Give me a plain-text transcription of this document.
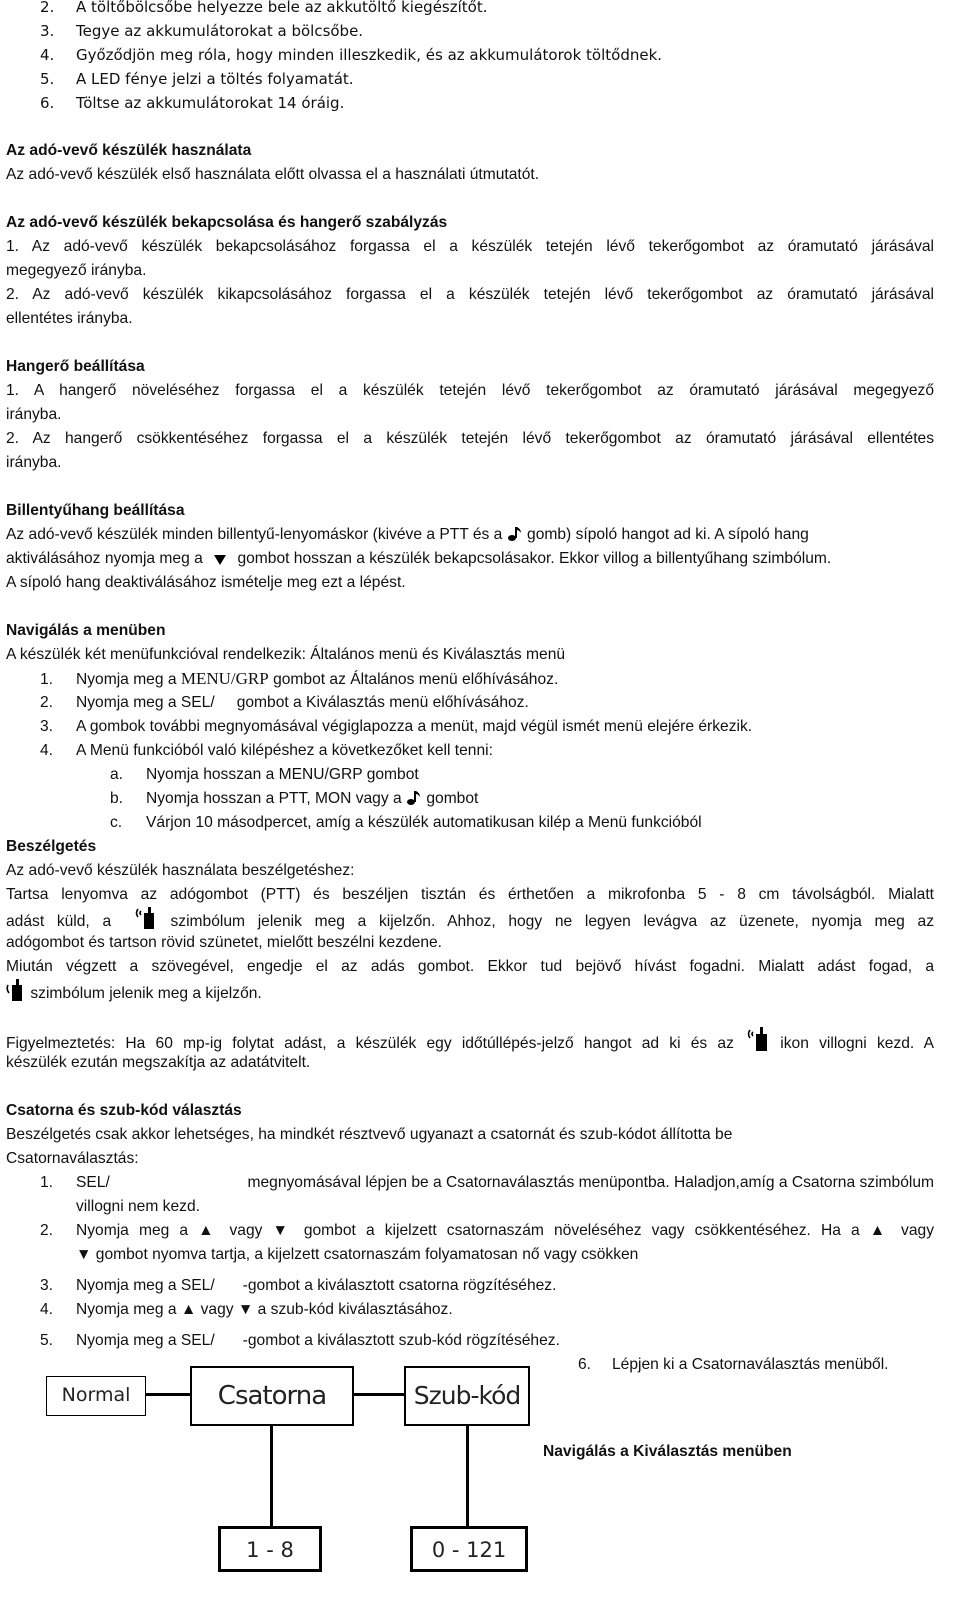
2. A töltőbölcsőbe helyezze bele az akkutöltő kiegészítőt.
3. Tegye az akkumulátorokat a bölcsőbe.
4. Győződjön meg róla, hogy minden illeszkedik, és az akkumulátorok töltődnek.
5. A LED fénye jelzi a töltés folyamatát.
6. Töltse az akkumulátorokat 14 óráig.
Az adó-vevő készülék használata
Az adó-vevő készülék első használata előtt olvassa el a használati útmutatót.
Az adó-vevő készülék bekapcsolása és hangerő szabályzás
1. Az adó-vevő készülék bekapcsolásához forgassa el a készülék tetején lévő tekerőgombot az óramutató járásával
megegyező irányba.
2. Az adó-vevő készülék kikapcsolásához forgassa el a készülék tetején lévő tekerőgombot az óramutató járásával
ellentétes irányba.
Hangerő beállítása
1. A hangerő növeléséhez forgassa el a készülék tetején lévő tekerőgombot az óramutató járásával megegyező
irányba.
2. Az hangerő csökkentéséhez forgassa el a készülék tetején lévő tekerőgombot az óramutató járásával ellentétes
irányba.
Billentyűhang beállítása
Az adó-vevő készülék minden billentyű-lenyomáskor (kivéve a PTT és a gomb) sípoló hangot ad ki. A sípoló hang
aktiválásához nyomja meg a gombot hosszan a készülék bekapcsolásakor. Ekkor villog a billentyűhang szimbólum.
A sípoló hang deaktiválásához ismételje meg ezt a lépést.
Navigálás a menüben
A készülék két menüfunkcióval rendelkezik: Általános menü és Kiválasztás menü
1. Nyomja meg a MENU/GRP gombot az Általános menü előhívásához.
2. Nyomja meg a SEL/ gombot a Kiválasztás menü előhívásához.
3. A gombok további megnyomásával végiglapozza a menüt, majd végül ismét menü elejére érkezik.
4. A Menü funkcióból való kilépéshez a következőket kell tenni:
a. Nyomja hosszan a MENU/GRP gombot
b. Nyomja hosszan a PTT, MON vagy a gombot
c. Várjon 10 másodpercet, amíg a készülék automatikusan kilép a Menü funkcióból
Beszélgetés
Az adó-vevő készülék használata beszélgetéshez:
Tartsa lenyomva az adógombot (PTT) és beszéljen tisztán és érthetően a mikrofonba 5 - 8 cm távolságból. Mialatt
adást küld, a	szimbólum jelenik meg a kijelzőn. Ahhoz, hogy ne legyen levágva az üzenete, nyomja meg az
adógombot és tartson rövid szünetet, mielőtt beszélni kezdene.
Miután végzett a szövegével, engedje el az adás gombot. Ekkor tud bejövő hívást fogadni. Mialatt adást fogad, a
szimbólum jelenik meg a kijelzőn.
Figyelmeztetés: Ha 60 mp-ig folytat adást, a készülék egy időtúllépés-jelző hangot ad ki és az	ikon villogni kezd. A
készülék ezután megszakítja az adatátvitelt.
Csatorna és szub-kód választás
Beszélgetés csak akkor lehetséges, ha mindkét résztvevő ugyanazt a csatornát és szub-kódot állította be
Csatornaválasztás:
1. SEL/	megnyomásával lépjen be a Csatornaválasztás menüpontba. Haladjon,amíg a Csatorna szimbólum
villogni nem kezd.
2.	Nyomja meg a ▲ vagy ▼ gombot a kijelzett csatornaszám növeléséhez vagy csökkentéséhez. Ha a ▲ vagy
▼ gombot nyomva tartja, a kijelzett csatornaszám folyamatosan nő vagy csökken
3. Nyomja meg a SEL/ -gombot a kiválasztott csatorna rögzítéséhez.
4. Nyomja meg a ▲ vagy ▼ a szub-kód kiválasztásához.
5. Nyomja meg a SEL/ -gombot a kiválasztott szub-kód rögzítéséhez.
6. Lépjen ki a Csatornaválasztás menüből.
Normal	Csatorna	Szub-kód
1 - 8	0 - 121
Navigálás a Kiválasztás menüben
